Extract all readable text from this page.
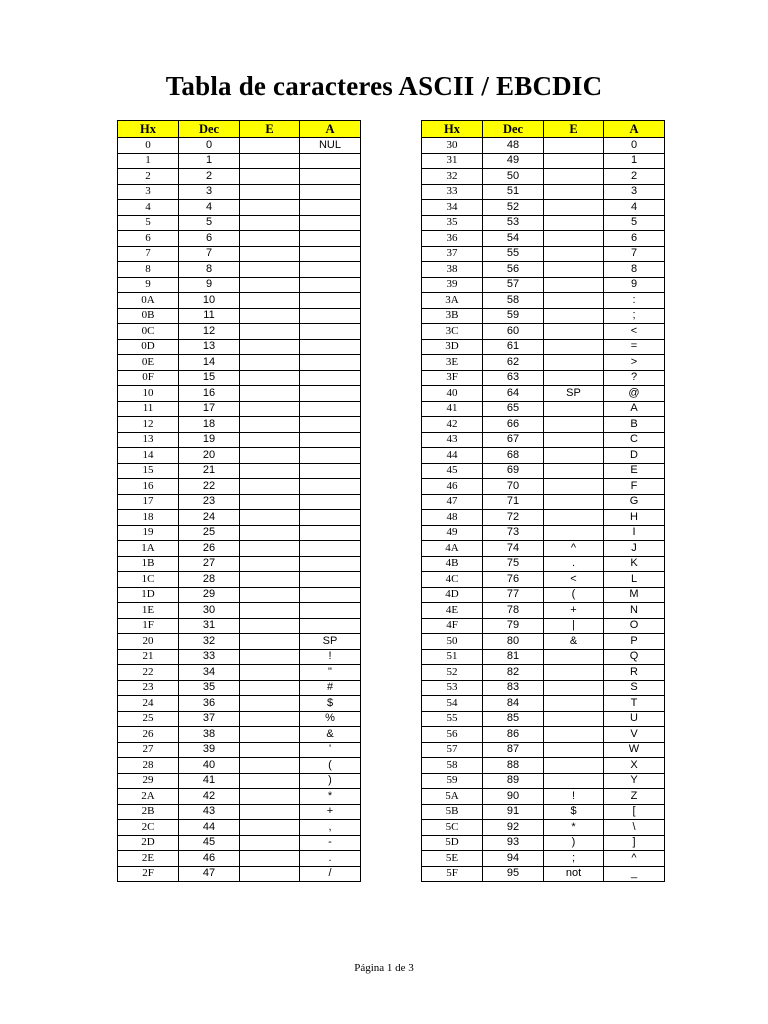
Tabla de caracteres ASCII / EBCDIC
Hx	Dec	E	A
0	0		NUL
1	1		
2	2		
3	3		
4	4		
5	5		
6	6		
7	7		
8	8		
9	9		
0A	10		
0B	11		
0C	12		
0D	13		
0E	14		
0F	15		
10	16		
11	17		
12	18		
13	19		
14	20		
15	21		
16	22		
17	23		
18	24		
19	25		
1A	26		
1B	27		
1C	28		
1D	29		
1E	30		
1F	31		
20	32		SP
21	33		!
22	34		"
23	35		#
24	36		$
25	37		%
26	38		&
27	39		'
28	40		(
29	41		)
2A	42		*
2B	43		+
2C	44		,
2D	45		-
2E	46		.
2F	47		/
Hx	Dec	E	A
30	48		0
31	49		1
32	50		2
33	51		3
34	52		4
35	53		5
36	54		6
37	55		7
38	56		8
39	57		9
3A	58		:
3B	59		;
3C	60		<
3D	61		=
3E	62		>
3F	63		?
40	64	SP	@
41	65		A
42	66		B
43	67		C
44	68		D
45	69		E
46	70		F
47	71		G
48	72		H
49	73		I
4A	74	^	J
4B	75	.	K
4C	76	<	L
4D	77	(	M
4E	78	+	N
4F	79	|	O
50	80	&	P
51	81		Q
52	82		R
53	83		S
54	84		T
55	85		U
56	86		V
57	87		W
58	88		X
59	89		Y
5A	90	!	Z
5B	91	$	[
5C	92	*	\
5D	93	)	]
5E	94	;	^
5F	95	not	_
Página 1 de 3
